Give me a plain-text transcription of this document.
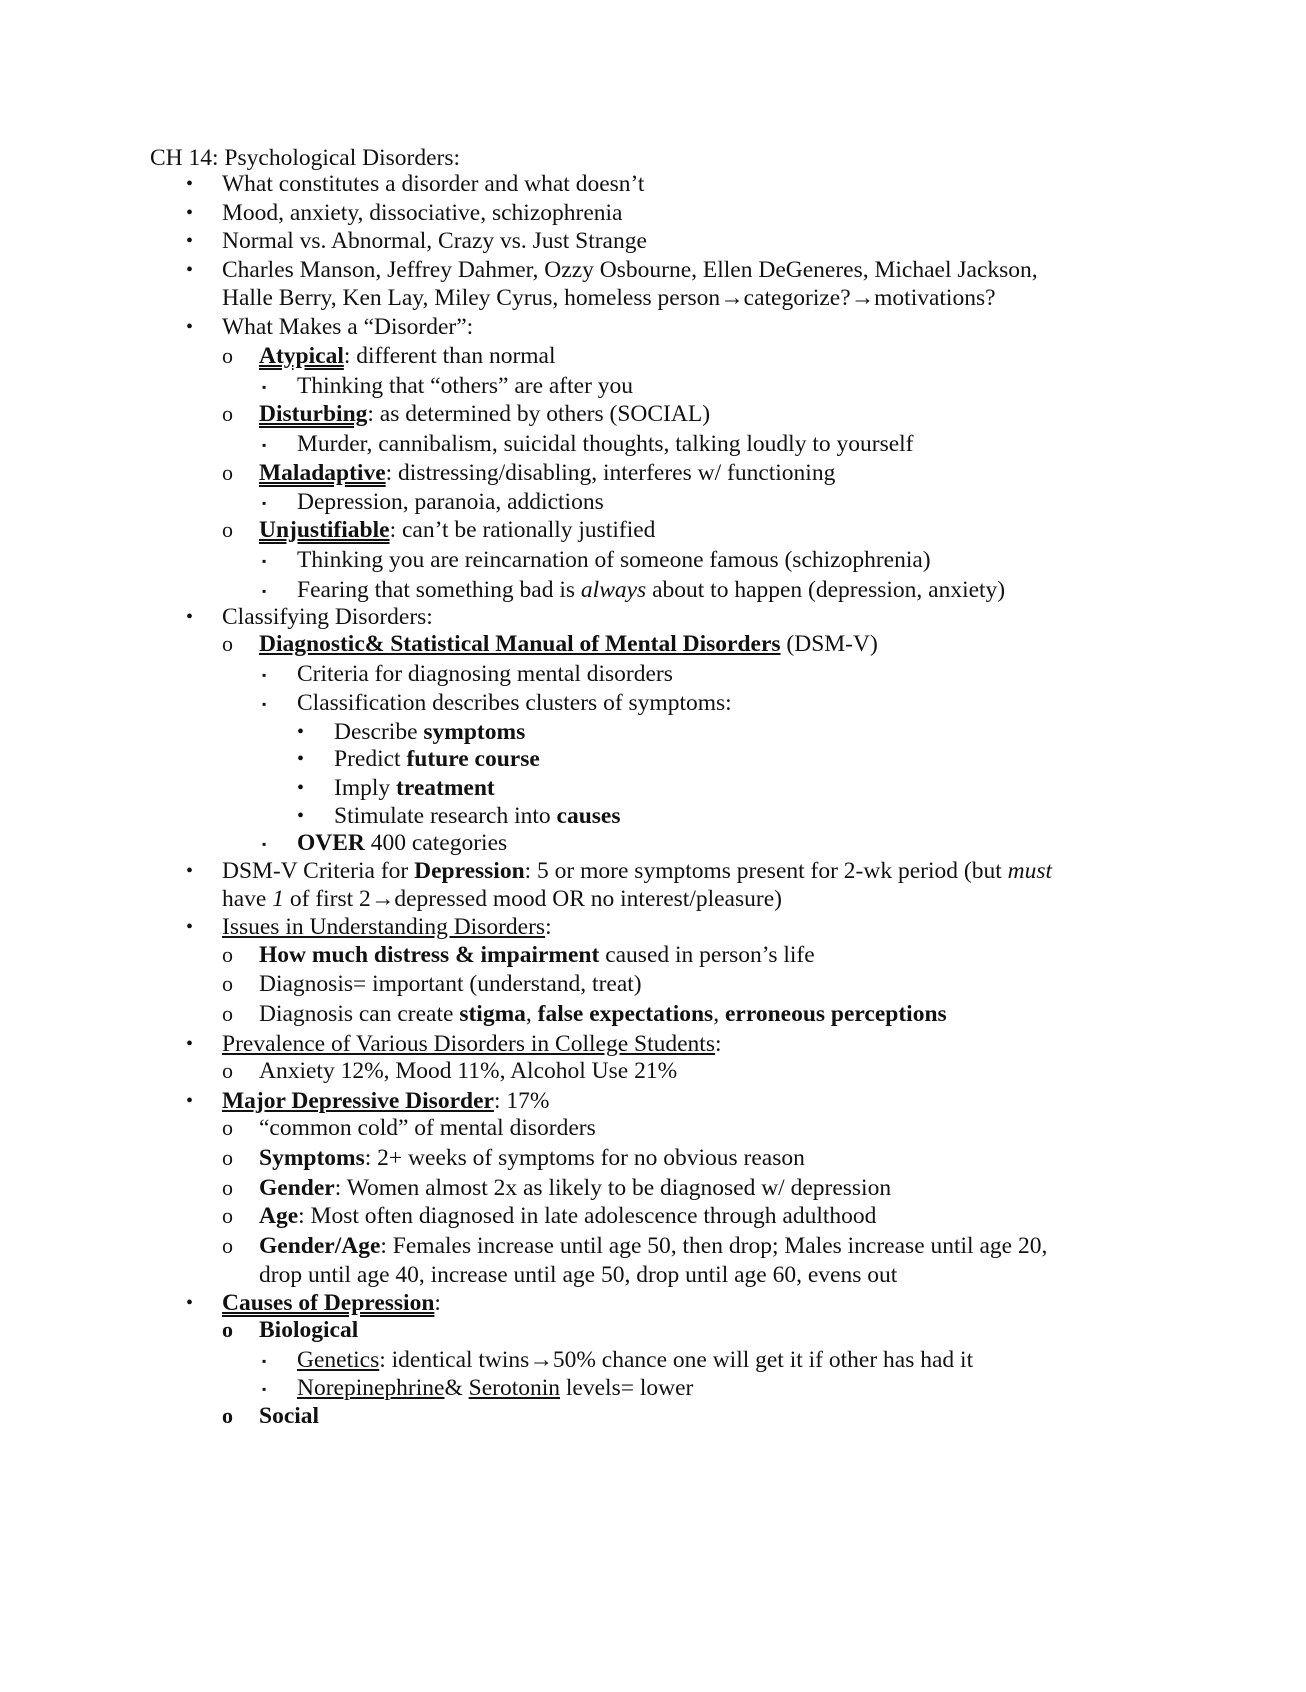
CH 14: Psychological Disorders:
• What constitutes a disorder and what doesn’t
• Mood, anxiety, dissociative, schizophrenia
• Normal vs. Abnormal, Crazy vs. Just Strange
• Charles Manson, Jeffrey Dahmer, Ozzy Osbourne, Ellen DeGeneres, Michael Jackson,
Halle Berry, Ken Lay, Miley Cyrus, homeless person→categorize?→motivations?
• What Makes a “Disorder”:
o Atypical: different than normal
▪ Thinking that “others” are after you
o Disturbing: as determined by others (SOCIAL)
▪ Murder, cannibalism, suicidal thoughts, talking loudly to yourself
o Maladaptive: distressing/disabling, interferes w/ functioning
▪ Depression, paranoia, addictions
o Unjustifiable: can’t be rationally justified
▪ Thinking you are reincarnation of someone famous (schizophrenia)
▪ Fearing that something bad is always about to happen (depression, anxiety)
• Classifying Disorders:
o Diagnostic& Statistical Manual of Mental Disorders (DSM-V)
▪ Criteria for diagnosing mental disorders
▪ Classification describes clusters of symptoms:
• Describe symptoms
• Predict future course
• Imply treatment
• Stimulate research into causes
▪ OVER 400 categories
• DSM-V Criteria for Depression: 5 or more symptoms present for 2-wk period (but must
have 1 of first 2→depressed mood OR no interest/pleasure)
• Issues in Understanding Disorders:
o How much distress & impairment caused in person’s life
o Diagnosis= important (understand, treat)
o Diagnosis can create stigma, false expectations, erroneous perceptions
• Prevalence of Various Disorders in College Students:
o Anxiety 12%, Mood 11%, Alcohol Use 21%
• Major Depressive Disorder: 17%
o “common cold” of mental disorders
o Symptoms: 2+ weeks of symptoms for no obvious reason
o Gender: Women almost 2x as likely to be diagnosed w/ depression
o Age: Most often diagnosed in late adolescence through adulthood
o Gender/Age: Females increase until age 50, then drop; Males increase until age 20,
drop until age 40, increase until age 50, drop until age 60, evens out
• Causes of Depression:
o Biological
▪ Genetics: identical twins→50% chance one will get it if other has had it
▪ Norepinephrine& Serotonin levels= lower
o Social
